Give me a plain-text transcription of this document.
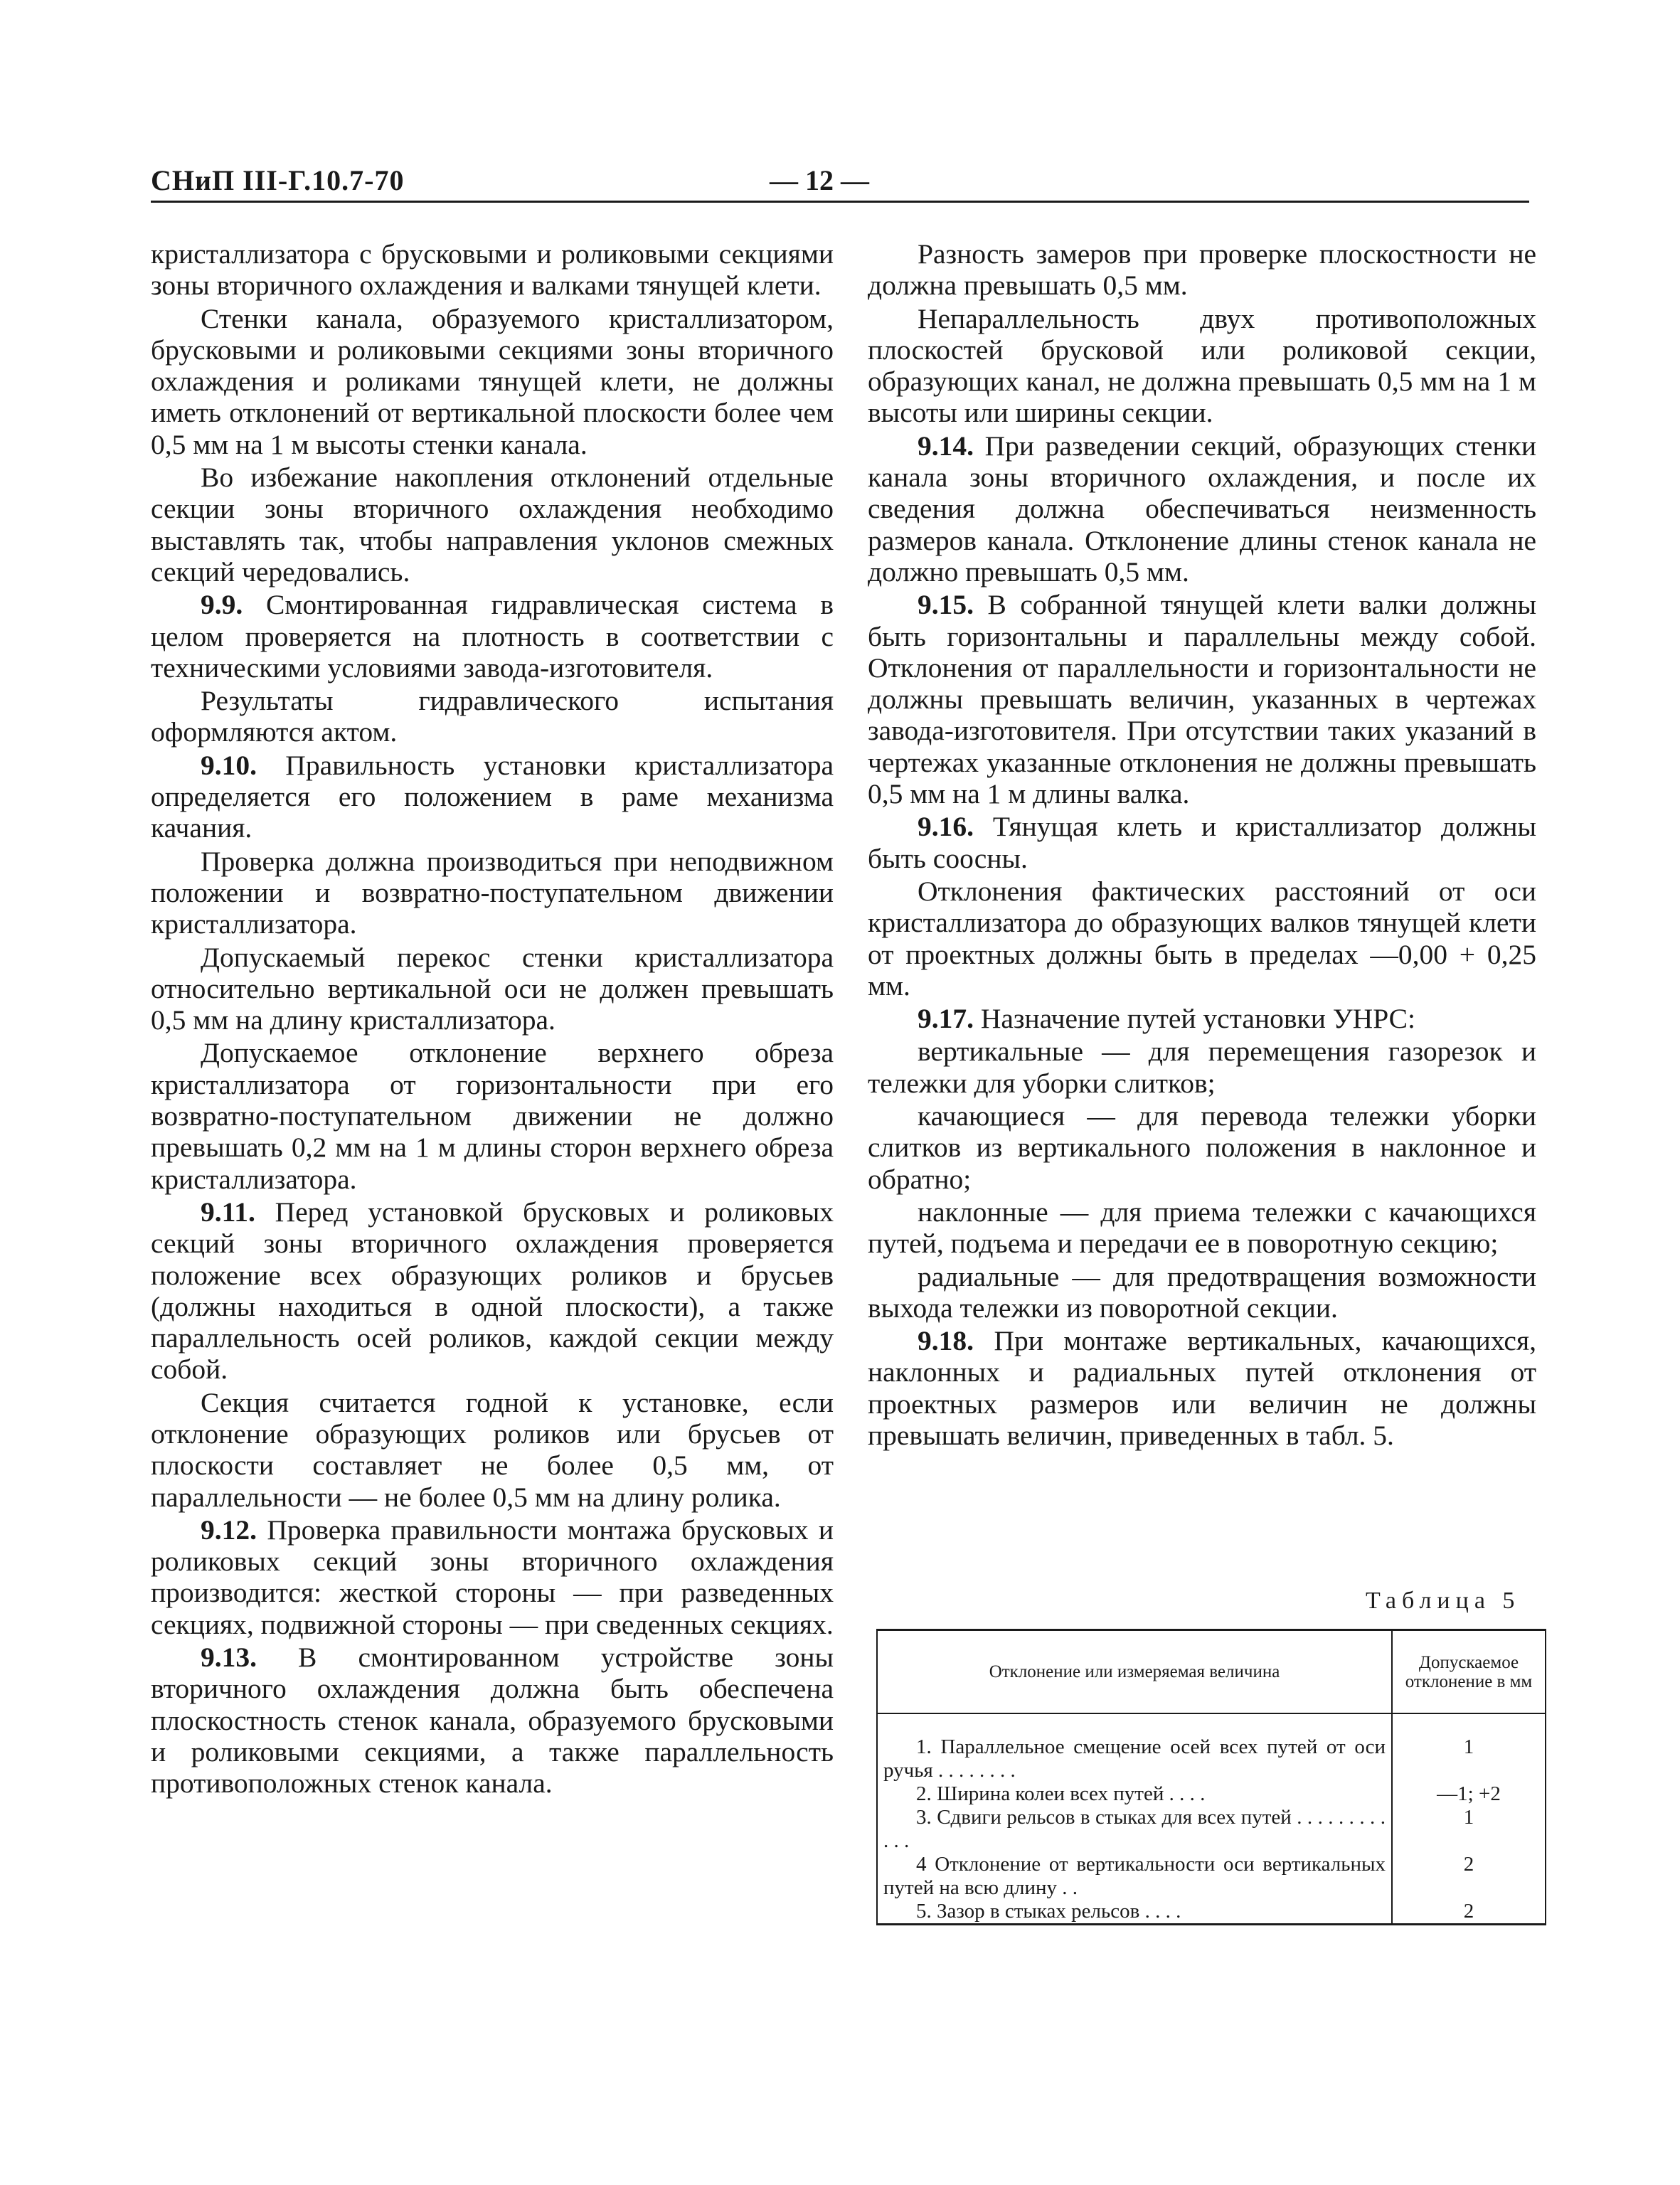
СНиП III-Г.10.7-70	— 12 —

кристаллизатора с брусковыми и роликовыми секциями зоны вторичного охлаждения и валками тянущей клети.

Стенки канала, образуемого кристаллизатором, брусковыми и роликовыми секциями зоны вторичного охлаждения и роликами тянущей клети, не должны иметь отклонений от вертикальной плоскости более чем 0,5 мм на 1 м высоты стенки канала.

Во избежание накопления отклонений отдельные секции зоны вторичного охлаждения необходимо выставлять так, чтобы направления уклонов смежных секций чередовались.

9.9. Смонтированная гидравлическая система в целом проверяется на плотность в соответствии с техническими условиями завода-изготовителя.

Результаты гидравлического испытания оформляются актом.

9.10. Правильность установки кристаллизатора определяется его положением в раме механизма качания.

Проверка должна производиться при неподвижном положении и возвратно-поступательном движении кристаллизатора.

Допускаемый перекос стенки кристаллизатора относительно вертикальной оси не должен превышать 0,5 мм на длину кристаллизатора.

Допускаемое отклонение верхнего обреза кристаллизатора от горизонтальности при его возвратно-поступательном движении не должно превышать 0,2 мм на 1 м длины сторон верхнего обреза кристаллизатора.

9.11. Перед установкой брусковых и роликовых секций зоны вторичного охлаждения проверяется положение всех образующих роликов и брусьев (должны находиться в одной плоскости), а также параллельность осей роликов, каждой секции между собой.

Секция считается годной к установке, если отклонение образующих роликов или брусьев от плоскости составляет не более 0,5 мм, от параллельности — не более 0,5 мм на длину ролика.

9.12. Проверка правильности монтажа брусковых и роликовых секций зоны вторичного охлаждения производится: жесткой стороны — при разведенных секциях, подвижной стороны — при сведенных секциях.

9.13. В смонтированном устройстве зоны вторичного охлаждения должна быть обеспечена плоскостность стенок канала, образуемого брусковыми и роликовыми секциями, а также параллельность противоположных стенок канала.

Разность замеров при проверке плоскостности не должна превышать 0,5 мм.

Непараллельность двух противоположных плоскостей брусковой или роликовой секции, образующих канал, не должна превышать 0,5 мм на 1 м высоты или ширины секции.

9.14. При разведении секций, образующих стенки канала зоны вторичного охлаждения, и после их сведения должна обеспечиваться неизменность размеров канала. Отклонение длины стенок канала не должно превышать 0,5 мм.

9.15. В собранной тянущей клети валки должны быть горизонтальны и параллельны между собой. Отклонения от параллельности и горизонтальности не должны превышать величин, указанных в чертежах завода-изготовителя. При отсутствии таких указаний в чертежах указанные отклонения не должны превышать 0,5 мм на 1 м длины валка.

9.16. Тянущая клеть и кристаллизатор должны быть соосны.

Отклонения фактических расстояний от оси кристаллизатора до образующих валков тянущей клети от проектных должны быть в пределах —0,00 + 0,25 мм.

9.17. Назначение путей установки УНРС:

вертикальные — для перемещения газорезок и тележки для уборки слитков;

качающиеся — для перевода тележки уборки слитков из вертикального положения в наклонное и обратно;

наклонные — для приема тележки с качающихся путей, подъема и передачи ее в поворотную секцию;

радиальные — для предотвращения возможности выхода тележки из поворотной секции.

9.18. При монтаже вертикальных, качающихся, наклонных и радиальных путей отклонения от проектных размеров или величин не должны превышать величин, приведенных в табл. 5.

Таблица 5
Отклонение или измеряемая величина	Допускаемое отклонение в мм

1. Параллельное смещение осей всех путей от оси ручья . . . . . . . .	1
2. Ширина колеи всех путей . . . .	—1; +2
3. Сдвиги рельсов в стыках для всех путей . . . . . . . . . . . .	1
4 Отклонение от вертикальности оси вертикальных путей на всю длину . .	2
5. Зазор в стыках рельсов . . . .	2
